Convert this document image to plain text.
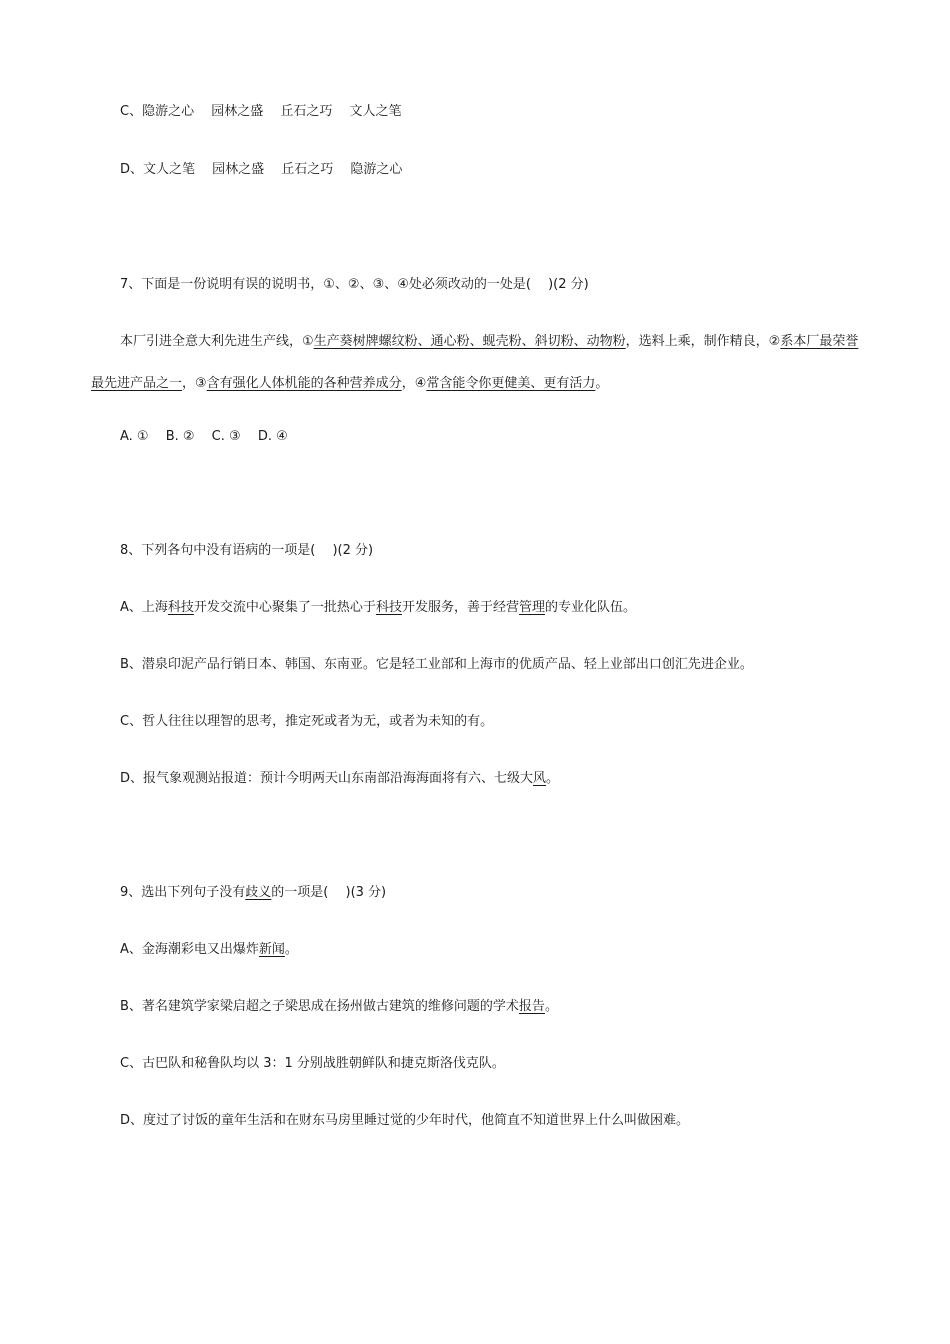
C、隐游之心　 园林之盛　 丘石之巧　 文人之笔
D、文人之笔　 园林之盛　 丘石之巧　 隐游之心
7、下面是一份说明有误的说明书，①、②、③、④处必须改动的一处是(　 )(2 分)
本厂引进全意大利先进生产线，①生产葵树牌螺纹粉、通心粉、蚬壳粉、斜切粉、动物粉，选料上乘，制作精良，②系本厂最荣誉最先进产品之一，③含有强化人体机能的各种营养成分，④常含能令你更健美、更有活力。
A. ①　 B. ②　 C. ③　 D. ④
8、下列各句中没有语病的一项是(　 )(2 分)
A、上海科技开发交流中心聚集了一批热心于科技开发服务，善于经营管理的专业化队伍。
B、潜泉印泥产品行销日本、韩国、东南亚。它是轻工业部和上海市的优质产品、轻上业部出口创汇先进企业。
C、哲人往往以理智的思考，推定死或者为无，或者为未知的有。
D、报气象观测站报道：预计今明两天山东南部沿海海面将有六、七级大风。
9、选出下列句子没有歧义的一项是(　 )(3 分)
A、金海潮彩电又出爆炸新闻。
B、著名建筑学家梁启超之子梁思成在扬州做古建筑的维修问题的学术报告。
C、古巴队和秘鲁队均以 3：1 分别战胜朝鲜队和捷克斯洛伐克队。
D、度过了讨饭的童年生活和在财东马房里睡过觉的少年时代，他简直不知道世界上什么叫做困难。
